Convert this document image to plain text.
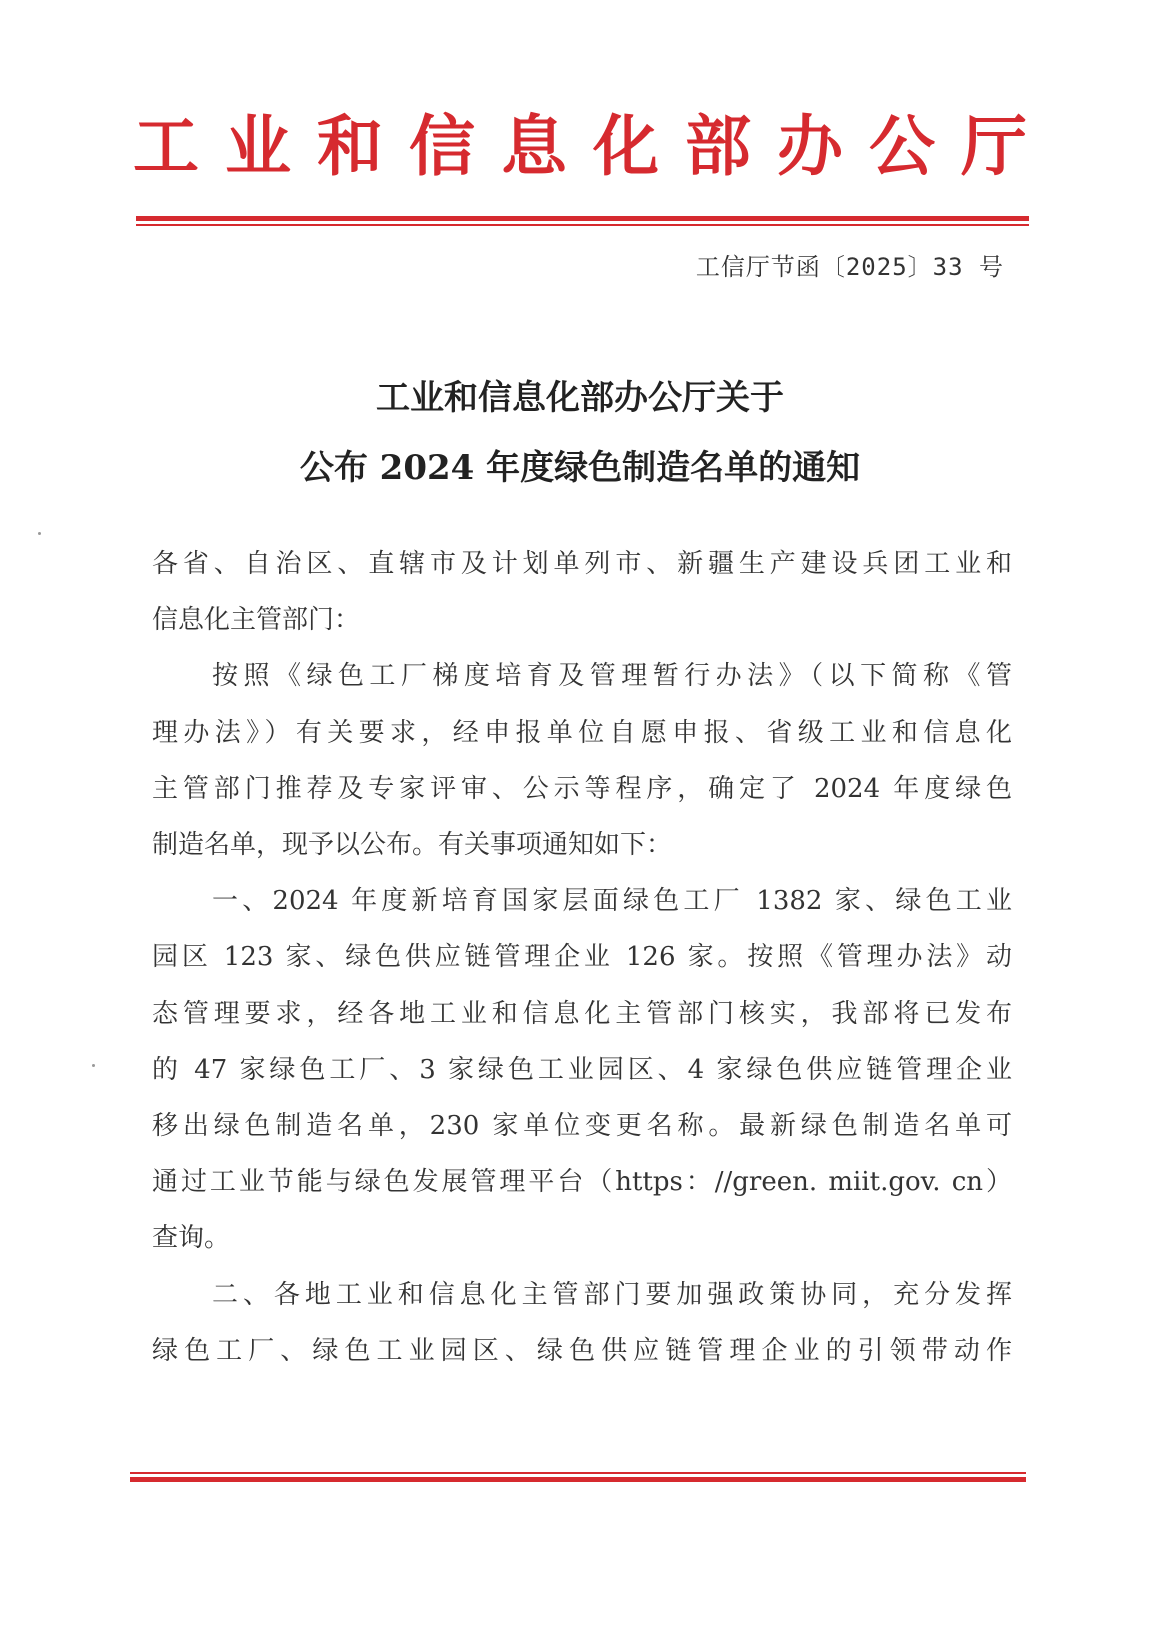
工 业 和 信 息 化 部 办 公 厅
工信厅节函〔2025〕33 号
工业和信息化部办公厅关于
公布 2024 年度绿色制造名单的通知
各省、自治区、直辖市及计划单列市、新疆生产建设兵团工业和
信息化主管部门：
按照《绿色工厂梯度培育及管理暂行办法》（以下简称《管
理办法》）有关要求，经申报单位自愿申报、省级工业和信息化
主管部门推荐及专家评审、公示等程序，确定了 2024 年度绿色
制造名单，现予以公布。有关事项通知如下：
一、2024 年度新培育国家层面绿色工厂 1382 家、绿色工业
园区 123 家、绿色供应链管理企业 126 家。按照《管理办法》动
态管理要求，经各地工业和信息化主管部门核实，我部将已发布
的 47 家绿色工厂、3 家绿色工业园区、4 家绿色供应链管理企业
移出绿色制造名单，230 家单位变更名称。最新绿色制造名单可
通过工业节能与绿色发展管理平台（https：//green. miit.gov. cn）
查询。
二、各地工业和信息化主管部门要加强政策协同，充分发挥
绿色工厂、绿色工业园区、绿色供应链管理企业的引领带动作
